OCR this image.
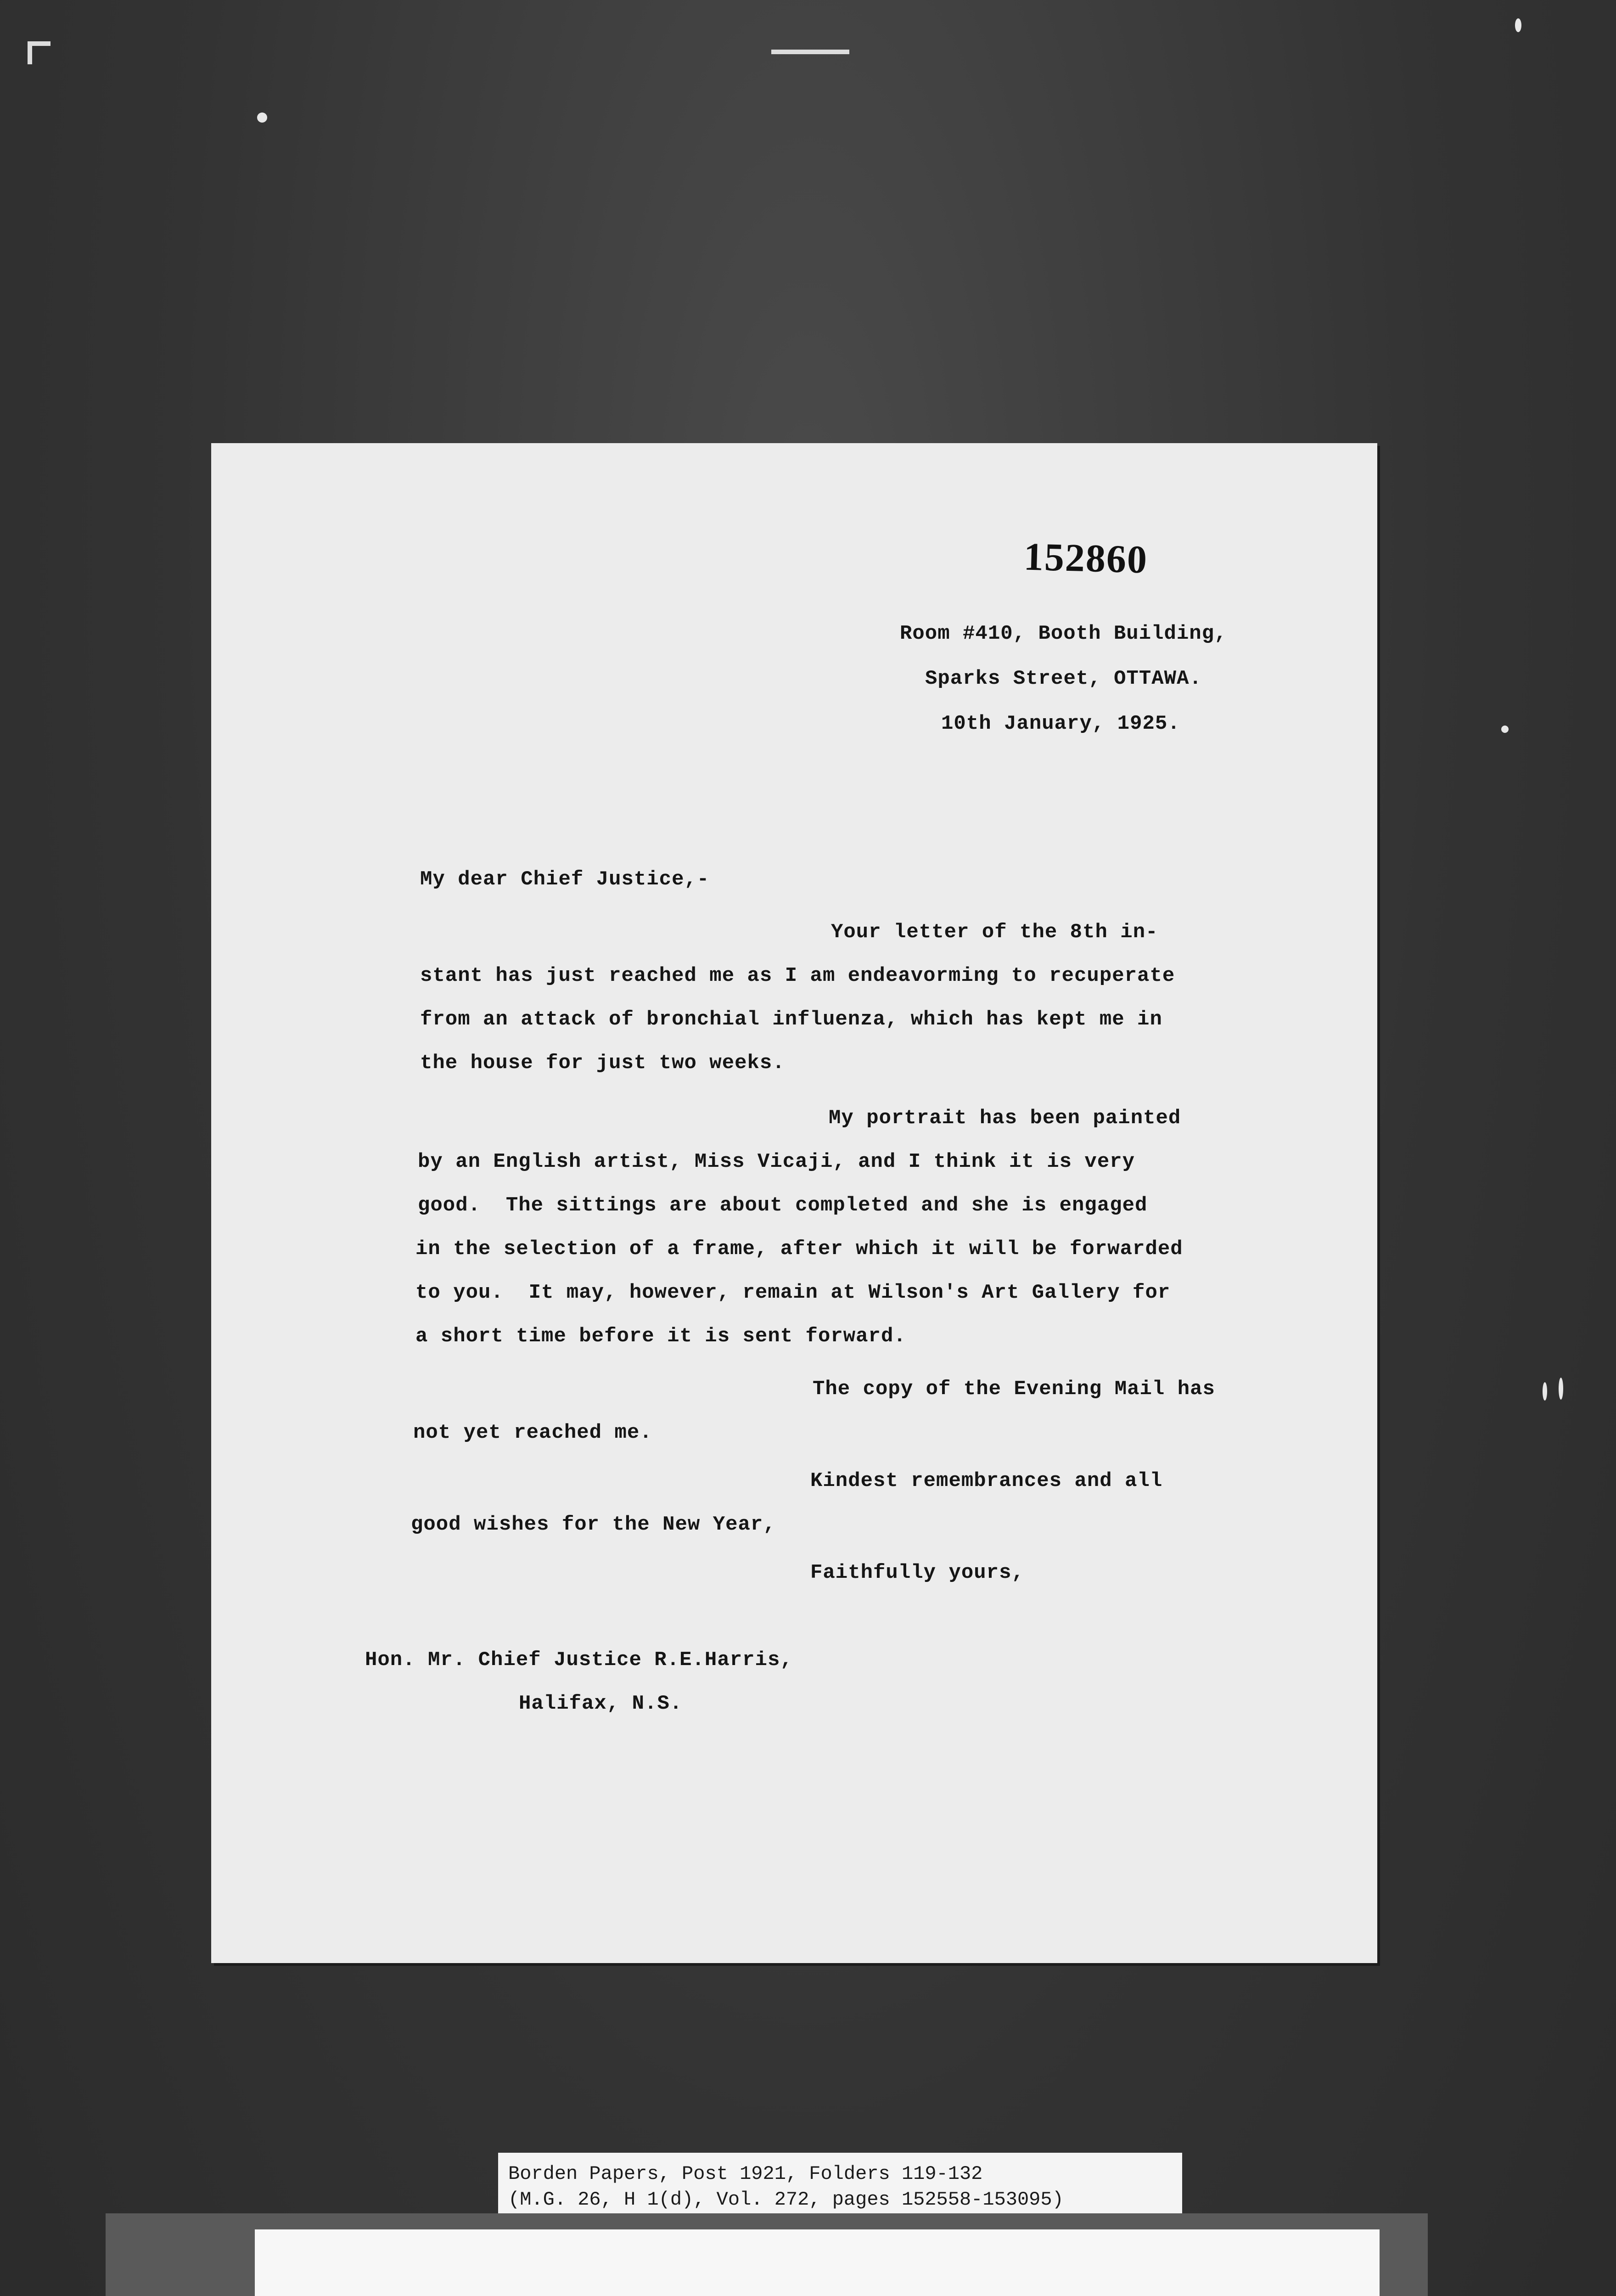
152860
Room #410, Booth Building,
Sparks Street, OTTAWA.
10th January, 1925.
My dear Chief Justice,-
Your letter of the 8th in-
stant has just reached me as I am endeavorming to recuperate
from an attack of bronchial influenza, which has kept me in
the house for just two weeks.
My portrait has been painted
by an English artist, Miss Vicaji, and I think it is very
good.  The sittings are about completed and she is engaged
in the selection of a frame, after which it will be forwarded
to you.  It may, however, remain at Wilson's Art Gallery for
a short time before it is sent forward.
The copy of the Evening Mail has
not yet reached me.
Kindest remembrances and all
good wishes for the New Year,
Faithfully yours,
Hon. Mr. Chief Justice R.E.Harris,
Halifax, N.S.
Borden Papers, Post 1921, Folders 119-132
(M.G. 26, H 1(d), Vol. 272, pages 152558-153095)
